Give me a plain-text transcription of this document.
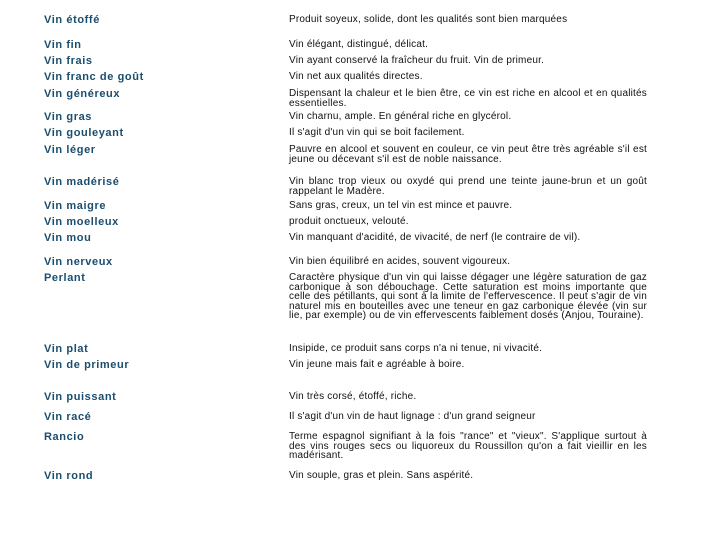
Vin étoffé	Produit soyeux, solide, dont les qualités sont bien marquées
Vin fin	Vin élégant, distingué, délicat.
Vin frais	Vin ayant conservé la fraîcheur du fruit. Vin de primeur.
Vin franc de goût	Vin net aux qualités directes.
Vin généreux	Dispensant la chaleur et le bien être, ce vin est riche en alcool et en qualités essentielles.
Vin gras	Vin charnu, ample. En général riche en glycérol.
Vin gouleyant	Il s'agit d'un vin qui se boit facilement.
Vin léger	Pauvre en alcool et souvent en couleur, ce vin peut être très agréable s'il est jeune ou décevant s'il est de noble naissance.
Vin madérisé	Vin blanc trop vieux ou oxydé qui prend une teinte jaune-brun et un goût rappelant le Madère.
Vin maigre	Sans gras, creux, un tel vin est mince et pauvre.
Vin moelleux	produit onctueux, velouté.
Vin mou	Vin manquant d'acidité, de vivacité, de nerf (le contraire de vil).
Vin nerveux	Vin bien équilibré en acides, souvent vigoureux.
Perlant	Caractère physique d'un vin qui laisse dégager une légère saturation de gaz carbonique à son débouchage. Cette saturation est moins importante que celle des pétillants, qui sont à la limite de l'effervescence. Il peut s'agir de vin naturel mis en bouteilles avec une teneur en gaz carbonique élevée (vin sur lie, par exemple) ou de vin effervescents faiblement dosés (Anjou, Touraine).
Vin plat	Insipide, ce produit sans corps n'a ni tenue, ni vivacité.
Vin de primeur	Vin jeune mais fait e agréable à boire.
Vin puissant	Vin très corsé, étoffé, riche.
Vin racé	Il s'agit d'un vin de haut lignage : d'un grand seigneur
Rancio	Terme espagnol signifiant à la fois "rance" et "vieux". S'applique surtout à des vins rouges secs ou liquoreux du Roussillon qu'on a fait vieillir en les madérisant.
Vin rond	Vin souple, gras et plein. Sans aspérité.
